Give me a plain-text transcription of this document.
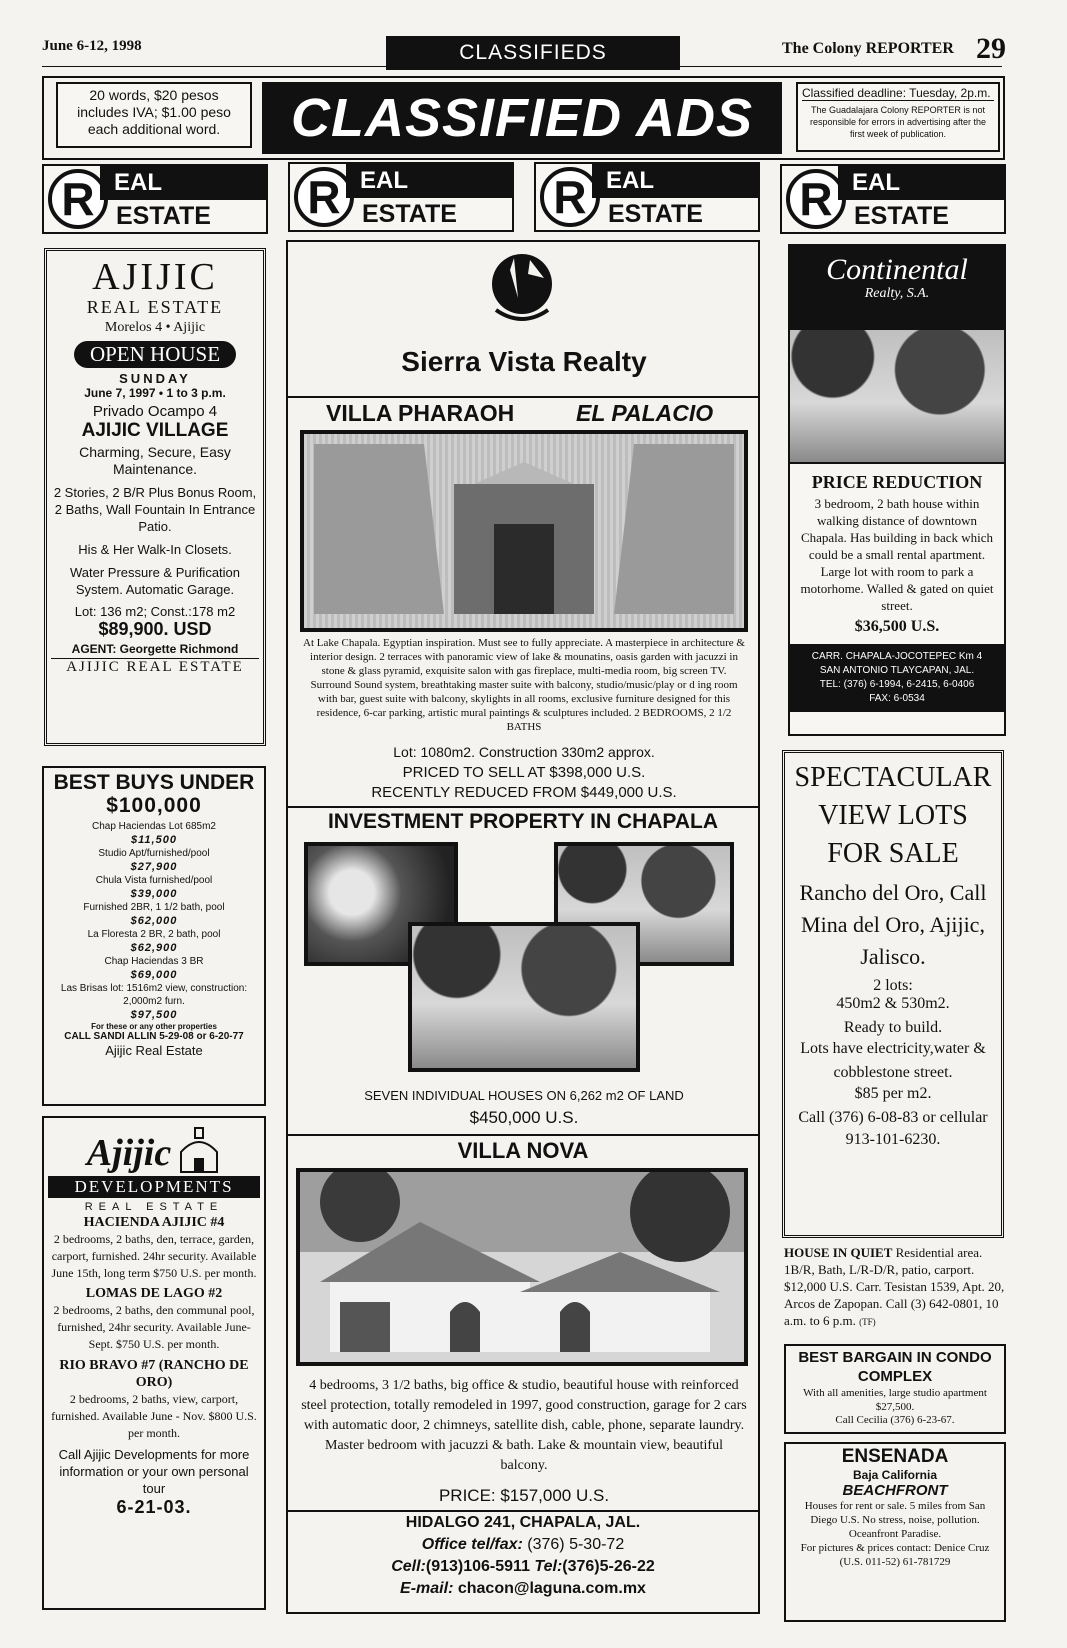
June 6-12, 1998	CLASSIFIEDS	The Colony REPORTER 29
20 words, $20 pesos includes IVA; $1.00 peso each additional word.	CLASSIFIED ADS	Classified deadline: Tuesday, 2p.m.
The Guadalajara Colony REPORTER is not responsible for errors in advertising after the first week of publication.
R EAL
ESTATE	R EAL
ESTATE	R EAL
ESTATE	R EAL
ESTATE
AJIJIC
REAL ESTATE
Morelos 4 • Ajijic
OPEN HOUSE
SUNDAY
June 7, 1997 • 1 to 3 p.m.
Privado Ocampo 4
AJIJIC VILLAGE
Charming, Secure, Easy Maintenance.
2 Stories, 2 B/R Plus Bonus Room, 2 Baths, Wall Fountain In Entrance Patio.
His & Her Walk-In Closets.
Water Pressure & Purification System. Automatic Garage.
Lot: 136 m2; Const.:178 m2
$89,900. USD
AGENT: Georgette Richmond
AJIJIC REAL ESTATE
BEST BUYS UNDER
$100,000
Chap Haciendas Lot 685m2
$11,500
Studio Apt/furnished/pool
$27,900
Chula Vista furnished/pool
$39,000
Furnished 2BR, 1 1/2 bath, pool
$62,000
La Floresta 2 BR, 2 bath, pool
$62,900
Chap Haciendas 3 BR
$69,000
Las Brisas lot: 1516m2 view, construction: 2,000m2 furn.
$97,500
For these or any other properties
CALL SANDI ALLIN 5-29-08 or 6-20-77
Ajijic Real Estate
Ajijic
DEVELOPMENTS
REAL ESTATE
HACIENDA AJIJIC #4
2 bedrooms, 2 baths, den, terrace, garden, carport, furnished. 24hr security. Available June 15th, long term $750 U.S. per month.
LOMAS DE LAGO #2
2 bedrooms, 2 baths, den communal pool, furnished, 24hr security. Available June-Sept. $750 U.S. per month.
RIO BRAVO #7 (RANCHO DE ORO)
2 bedrooms, 2 baths, view, carport, furnished. Available June - Nov. $800 U.S. per month.
Call Ajijic Developments for more information or your own personal tour
6-21-03.
Sierra Vista Realty
VILLA PHARAOH	EL PALACIO
At Lake Chapala. Egyptian inspiration. Must see to fully appreciate. A masterpiece in architecture & interior design. 2 terraces with panoramic view of lake & mounatins, oasis garden with jacuzzi in stone & glass pyramid, exquisite salon with gas fireplace, multi-media room, big screen TV. Surround Sound system, breathtaking master suite with balcony, studio/music/play or d ing room with bar, guest suite with balcony, skylights in all rooms, exclusive furniture designed for this residence, 6-car parking, artistic mural paintings & sculptures included. 2 BEDROOMS, 2 1/2 BATHS
Lot: 1080m2. Construction 330m2 approx.
PRICED TO SELL AT $398,000 U.S.
RECENTLY REDUCED FROM $449,000 U.S.
INVESTMENT PROPERTY IN CHAPALA
SEVEN INDIVIDUAL HOUSES ON 6,262 m2 OF LAND
$450,000 U.S.
VILLA NOVA
4 bedrooms, 3 1/2 baths, big office & studio, beautiful house with reinforced steel protection, totally remodeled in 1997, good construction, garage for 2 cars with automatic door, 2 chimneys, satellite dish, cable, phone, separate laundry. Master bedroom with jacuzzi & bath. Lake & mountain view, beautiful balcony.
PRICE: $157,000 U.S.
HIDALGO 241, CHAPALA, JAL.
Office tel/fax: (376) 5-30-72
Cell:(913)106-5911 Tel:(376)5-26-22
E-mail: chacon@laguna.com.mx
Continental
Realty, S.A.
PRICE REDUCTION
3 bedroom, 2 bath house within walking distance of downtown Chapala. Has building in back which could be a small rental apartment. Large lot with room to park a motorhome. Walled & gated on quiet street.
$36,500 U.S.
CARR. CHAPALA-JOCOTEPEC Km 4
SAN ANTONIO TLAYCAPAN, JAL.
TEL: (376) 6-1994, 6-2415, 6-0406
FAX: 6-0534
SPECTACULAR VIEW LOTS FOR SALE
Rancho del Oro, Call Mina del Oro, Ajijic, Jalisco.
2 lots:
450m2 & 530m2.
Ready to build.
Lots have electricity,water & cobblestone street.
$85 per m2.
Call (376) 6-08-83 or cellular 913-101-6230.
HOUSE IN QUIET Residential area. 1B/R, Bath, L/R-D/R, patio, carport. $12,000 U.S. Carr. Tesistan 1539, Apt. 20, Arcos de Zapopan. Call (3) 642-0801, 10 a.m. to 6 p.m. (TF)
BEST BARGAIN IN CONDO COMPLEX
With all amenities, large studio apartment $27,500.
Call Cecilia (376) 6-23-67.
ENSENADA
Baja California
BEACHFRONT
Houses for rent or sale. 5 miles from San Diego U.S. No stress, noise, pollution. Oceanfront Paradise.
For pictures & prices contact: Denice Cruz (U.S. 011-52) 61-781729
